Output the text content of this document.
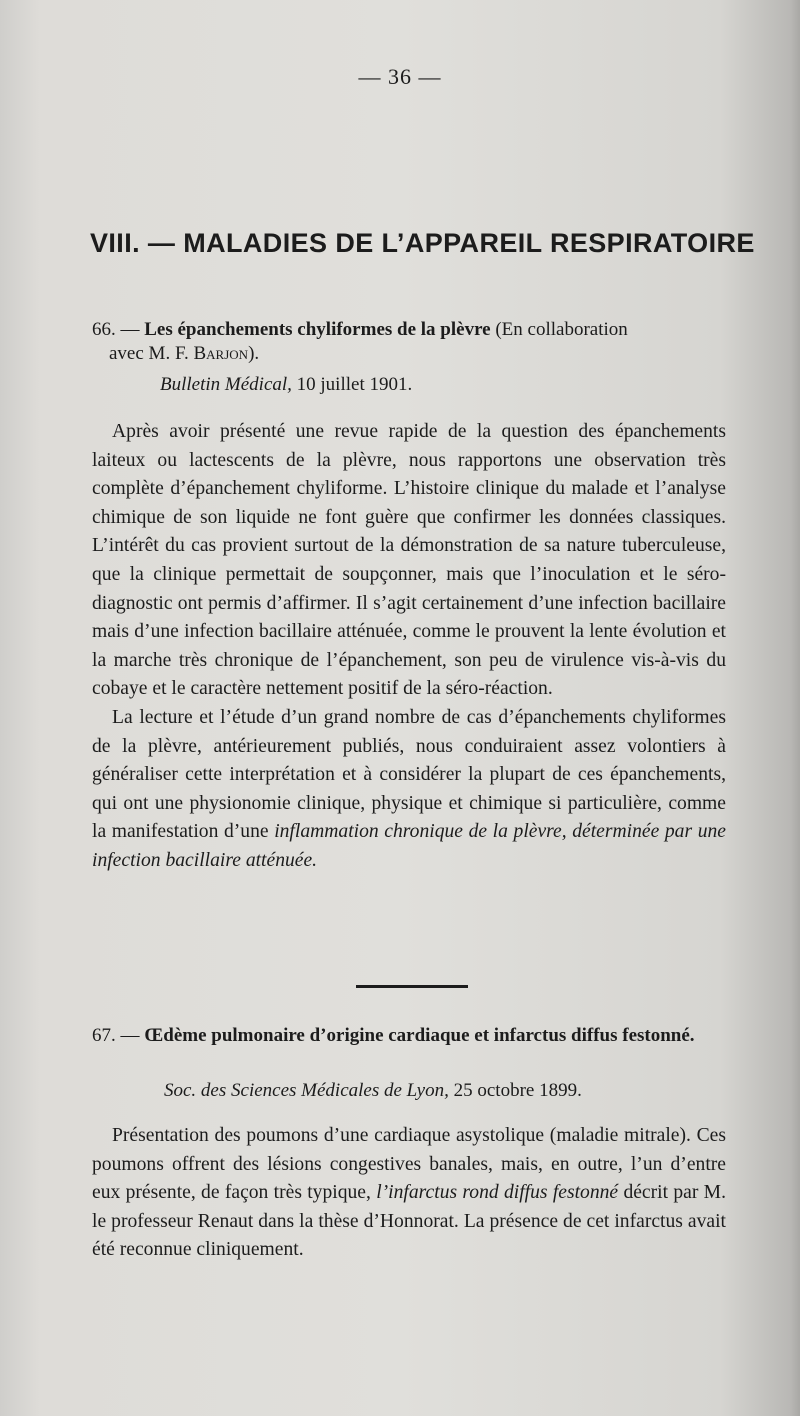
— 36 —
VIII. — MALADIES DE L’APPAREIL RESPIRATOIRE
66. — Les épanchements chyliformes de la plèvre (En collaboration
avec M. F. Barjon).
Bulletin Médical, 10 juillet 1901.

Après avoir présenté une revue rapide de la question des épanchements laiteux ou lactescents de la plèvre, nous rapportons une observation très complète d’épanchement chyliforme. L’histoire clinique du malade et l’analyse chimique de son liquide ne font guère que confirmer les données classiques. L’intérêt du cas provient surtout de la démonstration de sa nature tuberculeuse, que la clinique permettait de soupçonner, mais que l’inoculation et le séro-diagnostic ont permis d’affirmer. Il s’agit certainement d’une infection bacillaire mais d’une infection bacillaire atténuée, comme le prouvent la lente évolution et la marche très chronique de l’épanchement, son peu de virulence vis-à-vis du cobaye et le caractère nettement positif de la séro-réaction.

La lecture et l’étude d’un grand nombre de cas d’épanchements chyliformes de la plèvre, antérieurement publiés, nous conduiraient assez volontiers à généraliser cette interprétation et à considérer la plupart de ces épanchements, qui ont une physionomie clinique, physique et chimique si particulière, comme la manifestation d’une inflammation chronique de la plèvre, déterminée par une infection bacillaire atténuée.

67. — Œdème pulmonaire d’origine cardiaque et infarctus diffus festonné.
Soc. des Sciences Médicales de Lyon, 25 octobre 1899.

Présentation des poumons d’une cardiaque asystolique (maladie mitrale). Ces poumons offrent des lésions congestives banales, mais, en outre, l’un d’entre eux présente, de façon très typique, l’infarctus rond diffus festonné décrit par M. le professeur Renaut dans la thèse d’Honnorat. La présence de cet infarctus avait été reconnue cliniquement.
